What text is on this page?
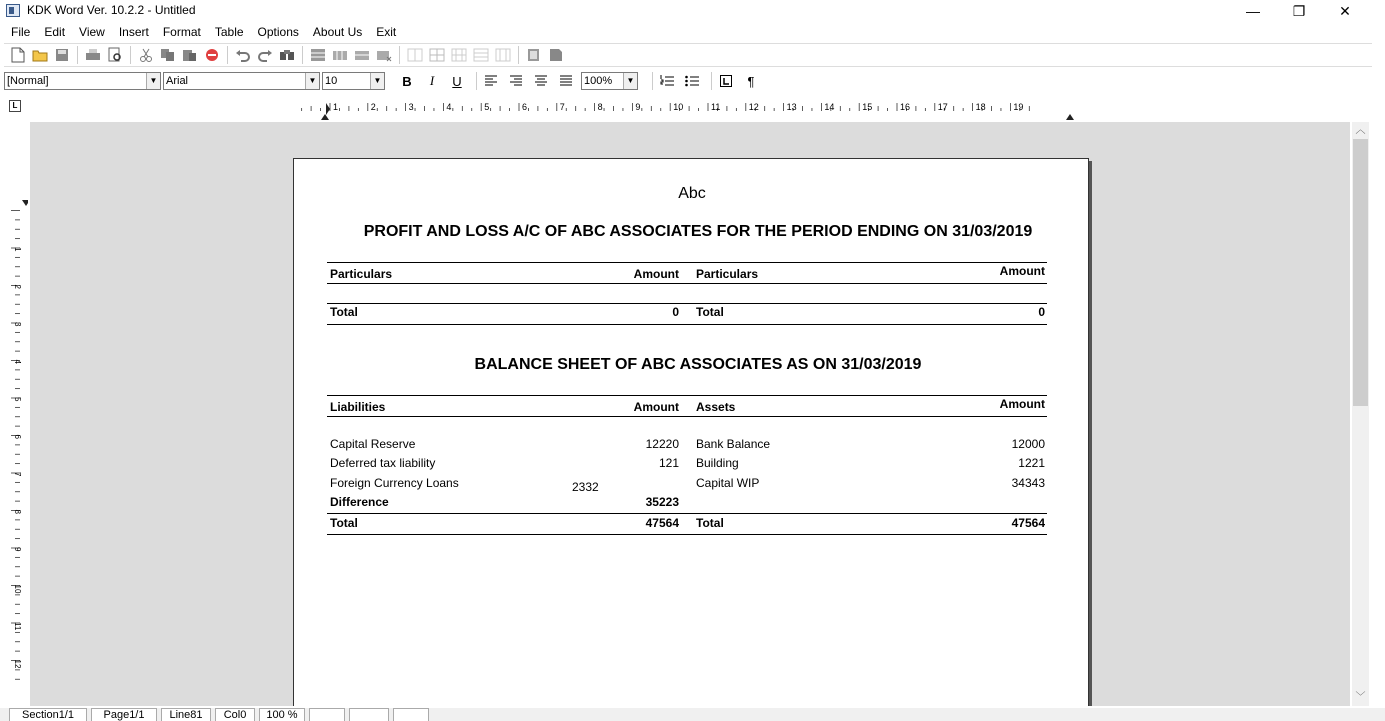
KDK Word Ver. 10.2.2 - Untitled	—	❐	✕
File	Edit	View	Insert	Format	Table	Options	About Us	Exit
[Normal]	▼ Arial	▼ 10	▼	B	I	U	100%	▼	¶
L	1	2	3	4	5	6	7	8	9	10	11	12	13	14	15	16	17	18	19
1
2
3
4
5
6
7
8
9
10
11
12
Abc
PROFIT AND LOSS A/C OF ABC ASSOCIATES FOR THE PERIOD ENDING ON 31/03/2019
Particulars	Amount Particulars	Amount
Total	0 Total	0
BALANCE SHEET OF ABC ASSOCIATES AS ON 31/03/2019
Liabilities	Amount Assets	Amount
Capital Reserve	12220 Bank Balance	12000
Deferred tax liability	121 Building	1221
Foreign Currency Loans	2332	Capital WIP	34343
Difference	35223
Total	47564 Total	47564
︿
﹀
Section1/1	Page1/1	Line81	Col0	100 %
